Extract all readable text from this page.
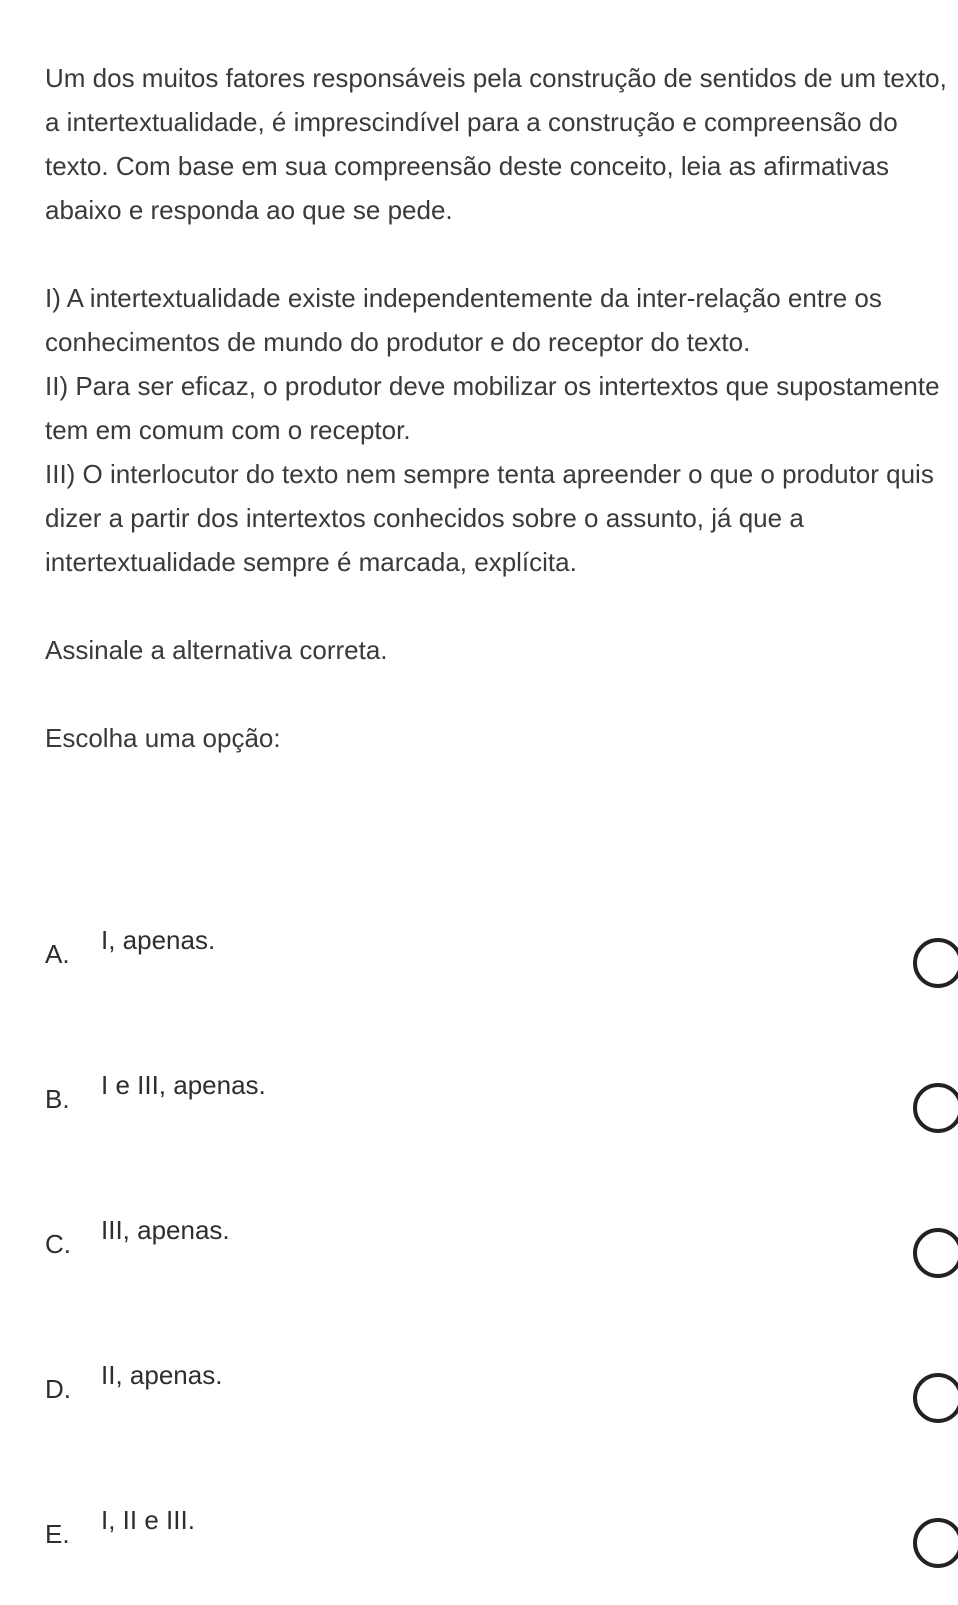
Um dos muitos fatores responsáveis pela construção de sentidos de um texto, a intertextualidade, é imprescindível para a construção e compreensão do texto. Com base em sua compreensão deste conceito, leia as afirmativas abaixo e responda ao que se pede.

I) A intertextualidade existe independentemente da inter-relação entre os conhecimentos de mundo do produtor e do receptor do texto.

II) Para ser eficaz, o produtor deve mobilizar os intertextos que supostamente tem em comum com o receptor.

III) O interlocutor do texto nem sempre tenta apreender o que o produtor quis dizer a partir dos intertextos conhecidos sobre o assunto, já que a intertextualidade sempre é marcada, explícita.

Assinale a alternativa correta.

Escolha uma opção:

A. I, apenas.
B. I e III, apenas.
C. III, apenas.
D. II, apenas.
E. I, II e III.
